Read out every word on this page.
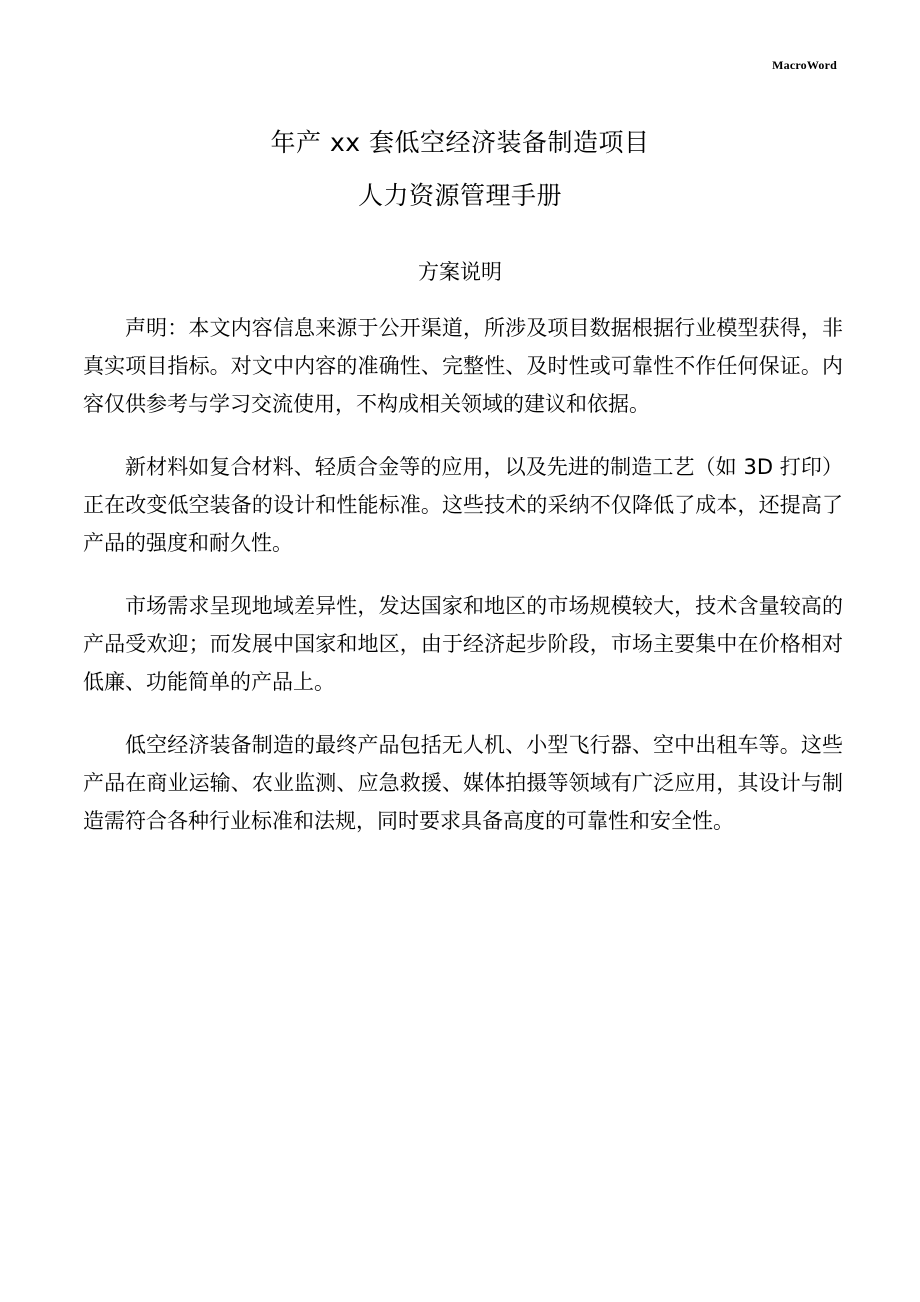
MacroWord
年产 xx 套低空经济装备制造项目
人力资源管理手册
方案说明

声明：本文内容信息来源于公开渠道，所涉及项目数据根据行业模型获得，非真实项目指标。对文中内容的准确性、完整性、及时性或可靠性不作任何保证。内容仅供参考与学习交流使用，不构成相关领域的建议和依据。

新材料如复合材料、轻质合金等的应用，以及先进的制造工艺（如 3D 打印）正在改变低空装备的设计和性能标准。这些技术的采纳不仅降低了成本，还提高了产品的强度和耐久性。

市场需求呈现地域差异性，发达国家和地区的市场规模较大，技术含量较高的产品受欢迎；而发展中国家和地区，由于经济起步阶段，市场主要集中在价格相对低廉、功能简单的产品上。

低空经济装备制造的最终产品包括无人机、小型飞行器、空中出租车等。这些产品在商业运输、农业监测、应急救援、媒体拍摄等领域有广泛应用，其设计与制造需符合各种行业标准和法规，同时要求具备高度的可靠性和安全性。
